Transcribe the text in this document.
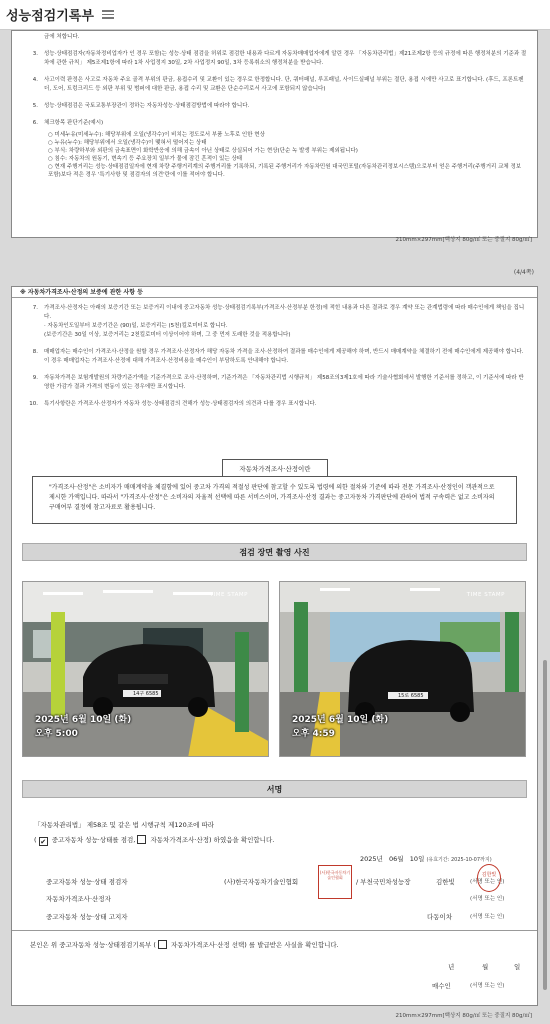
성능점검기록부
금에 처합니다.
3. 성능·상태점검자(자동차정비업자가 인 경우 포함)는 성능·상태 점검을 허위로 점검한 내용과 다르게 자동차매매업자에게 알린 경우 「자동차관리법」제21조제2항 등의 규정에 따른 행정처분의 기준과 절차에 관한 규칙」 제5조제1항에 따라 1차 사업정지 30일, 2차 사업정지 90일, 3차 등록취소의 행정처분을 받습니다.
4. 사고이력 판정은 사고로 자동차 주요 골격 부위의 판금, 용접수리 및 교환이 있는 경우로 한정합니다. 단, 쿼터패널, 루프패널, 사이드실패널 부위는 절단, 용접 시에만 사고로 표기합니다. (후드, 프론트펜더, 도어, 트렁크리드 등 외판 부위 및 범퍼에 대한 판금, 용접 수리 및 교환은 단순수리로서 사고에 포함되지 않습니다)
5. 성능·상태점검은 국토교통부장관이 정하는 자동차성능·상태점검방법에 따라야 합니다.
6. 체크항목 판단기준(예시)
○ 미세누유(미세누수): 해당부위에 오일(냉각수)이 비치는 정도로서 부품 노후로 인한 현상
○ 누유(누수): 해당부위에서 오일(냉각수)이 맺혀서 떨어지는 상태
○ 부식: 차량하부와 외판의 금속표면이 화학반응에 의해 금속이 아닌 상태로 상실되어 가는 현상(단순 녹 발생 부위는 제외됩니다)
○ 침수: 자동차의 원동기, 변속기 등 주요장치 일부가 물에 잠긴 흔적이 있는 상태
○ 현재 주행거리는 성능·상태점검일자에 현재 차량 주행거리계의 주행거리를 기록하되, 기록된 주행거리가 자동차민원 대국민포털(자동차관리정보시스템)으로부터 얻은 주행거리(주행거리 교체 정보 포함)보다 적은 경우 '특기사항 및 점검자의 의견'란에 이를 적어야 합니다.
210mm×297mm[백상지 80g/㎡ 또는 중질지 80g/㎡]
(4/4쪽)
※ 자동차가격조사·산정의 보증에 관한 사항 등
7. 가격조사·산정자는 아래의 보증기간 또는 보증거리 이내에 중고자동차 성능·상태점검기록부(가격조사·산정부분 한정)에 적힌 내용과 다른 결과로 경우 계약 또는 관계법령에 따라 매수인에게 책임을 집니다.
· 자동차인도일부터 보증기간은 (90)일, 보증거리는 (5천)킬로미터로 합니다.
(보증기간은 30일 이상, 보증거리는 2천킬로미터 이상이어야 하며, 그 중 먼저 도래한 것을 적용합니다)
8. 매매업자는 매수인이 가격조사·산정을 원할 경우 가격조사·산정자가 해당 자동차 가격을 조사·산정하여 결과를 매수인에게 제공해야 하며, 반드시 매매계약을 체결하기 전에 매수인에게 제공해야 합니다. 이 경우 매매업자는 가격조사·산정에 대해 가격조사·산정비용을 매수인이 부담하도록 안내해야 합니다.
9. 자동차가격은 보험개발원의 차량기준가액을 기준가격으로 조사·산정하며, 기준가격은 「자동차관리법 시행규칙」 제58조의3제1호에 따라 기술사협회에서 발행한 기준서를 정하고, 이 기준서에 따라 반영한 가감가 결과 가격의 변동이 있는 경우에만 표시합니다.
10. 특기사항란은 가격조사·산정자가 자동차 성능·상태점검의 견해가 성능·상태점검자의 의견과 다를 경우 표시합니다.
자동차가격조사·산정이란
"가격조사·산정"은 소비자가 매매계약을 체결함에 있어 중고차 가격의 적절성 판단에 참고할 수 있도록 법령에 의한 절차와 기준에 따라 전문 가격조사·산정인이 객관적으로 제시한 가액입니다. 따라서 "가격조사·산정"은 소비자의 자율적 선택에 따른 서비스이며, 가격조사·산정 결과는 중고자동차 가격판단에 관하여 법적 구속력은 없고 소비자의 구매여부 결정에 참고자료로 활용됩니다.
점검 장면 촬영 사진
TIME STAMP
2025년 6월 10일 (화)
오후 5:00
14구 6585
TIME STAMP
2025년 6월 10일 (화)
오후 4:59
15로 6585
서명
「자동차관리법」 제58조 및 같은 법 시행규칙 제120조에 따라
( ✔ 중고자동차 성능·상태를 점검, 자동차가격조사·산정) 하였음을 확인합니다.
2025년 06월 10일 (유효기간: 2025-10-07까지)
중고자동차 성능·상태 점검자	(사)한국자동차기술인협회
(사)한국자동차기술인협회
/ 부천국민차성능장	김한빛	(서명 또는 인)
김한빛
자동차가격조사·산정자	(서명 또는 인)
중고자동차 성능·상태 고지자	다동이차	(서명 또는 인)
본인은 위 중고자동차 성능·상태점검기록부 ( 자동차가격조사·산정 선택) 를 발급받은 사실을 확인합니다.
년	월	일
매수인	(서명 또는 인)
210mm×297mm[백상지 80g/㎡ 또는 중질지 80g/㎡]
